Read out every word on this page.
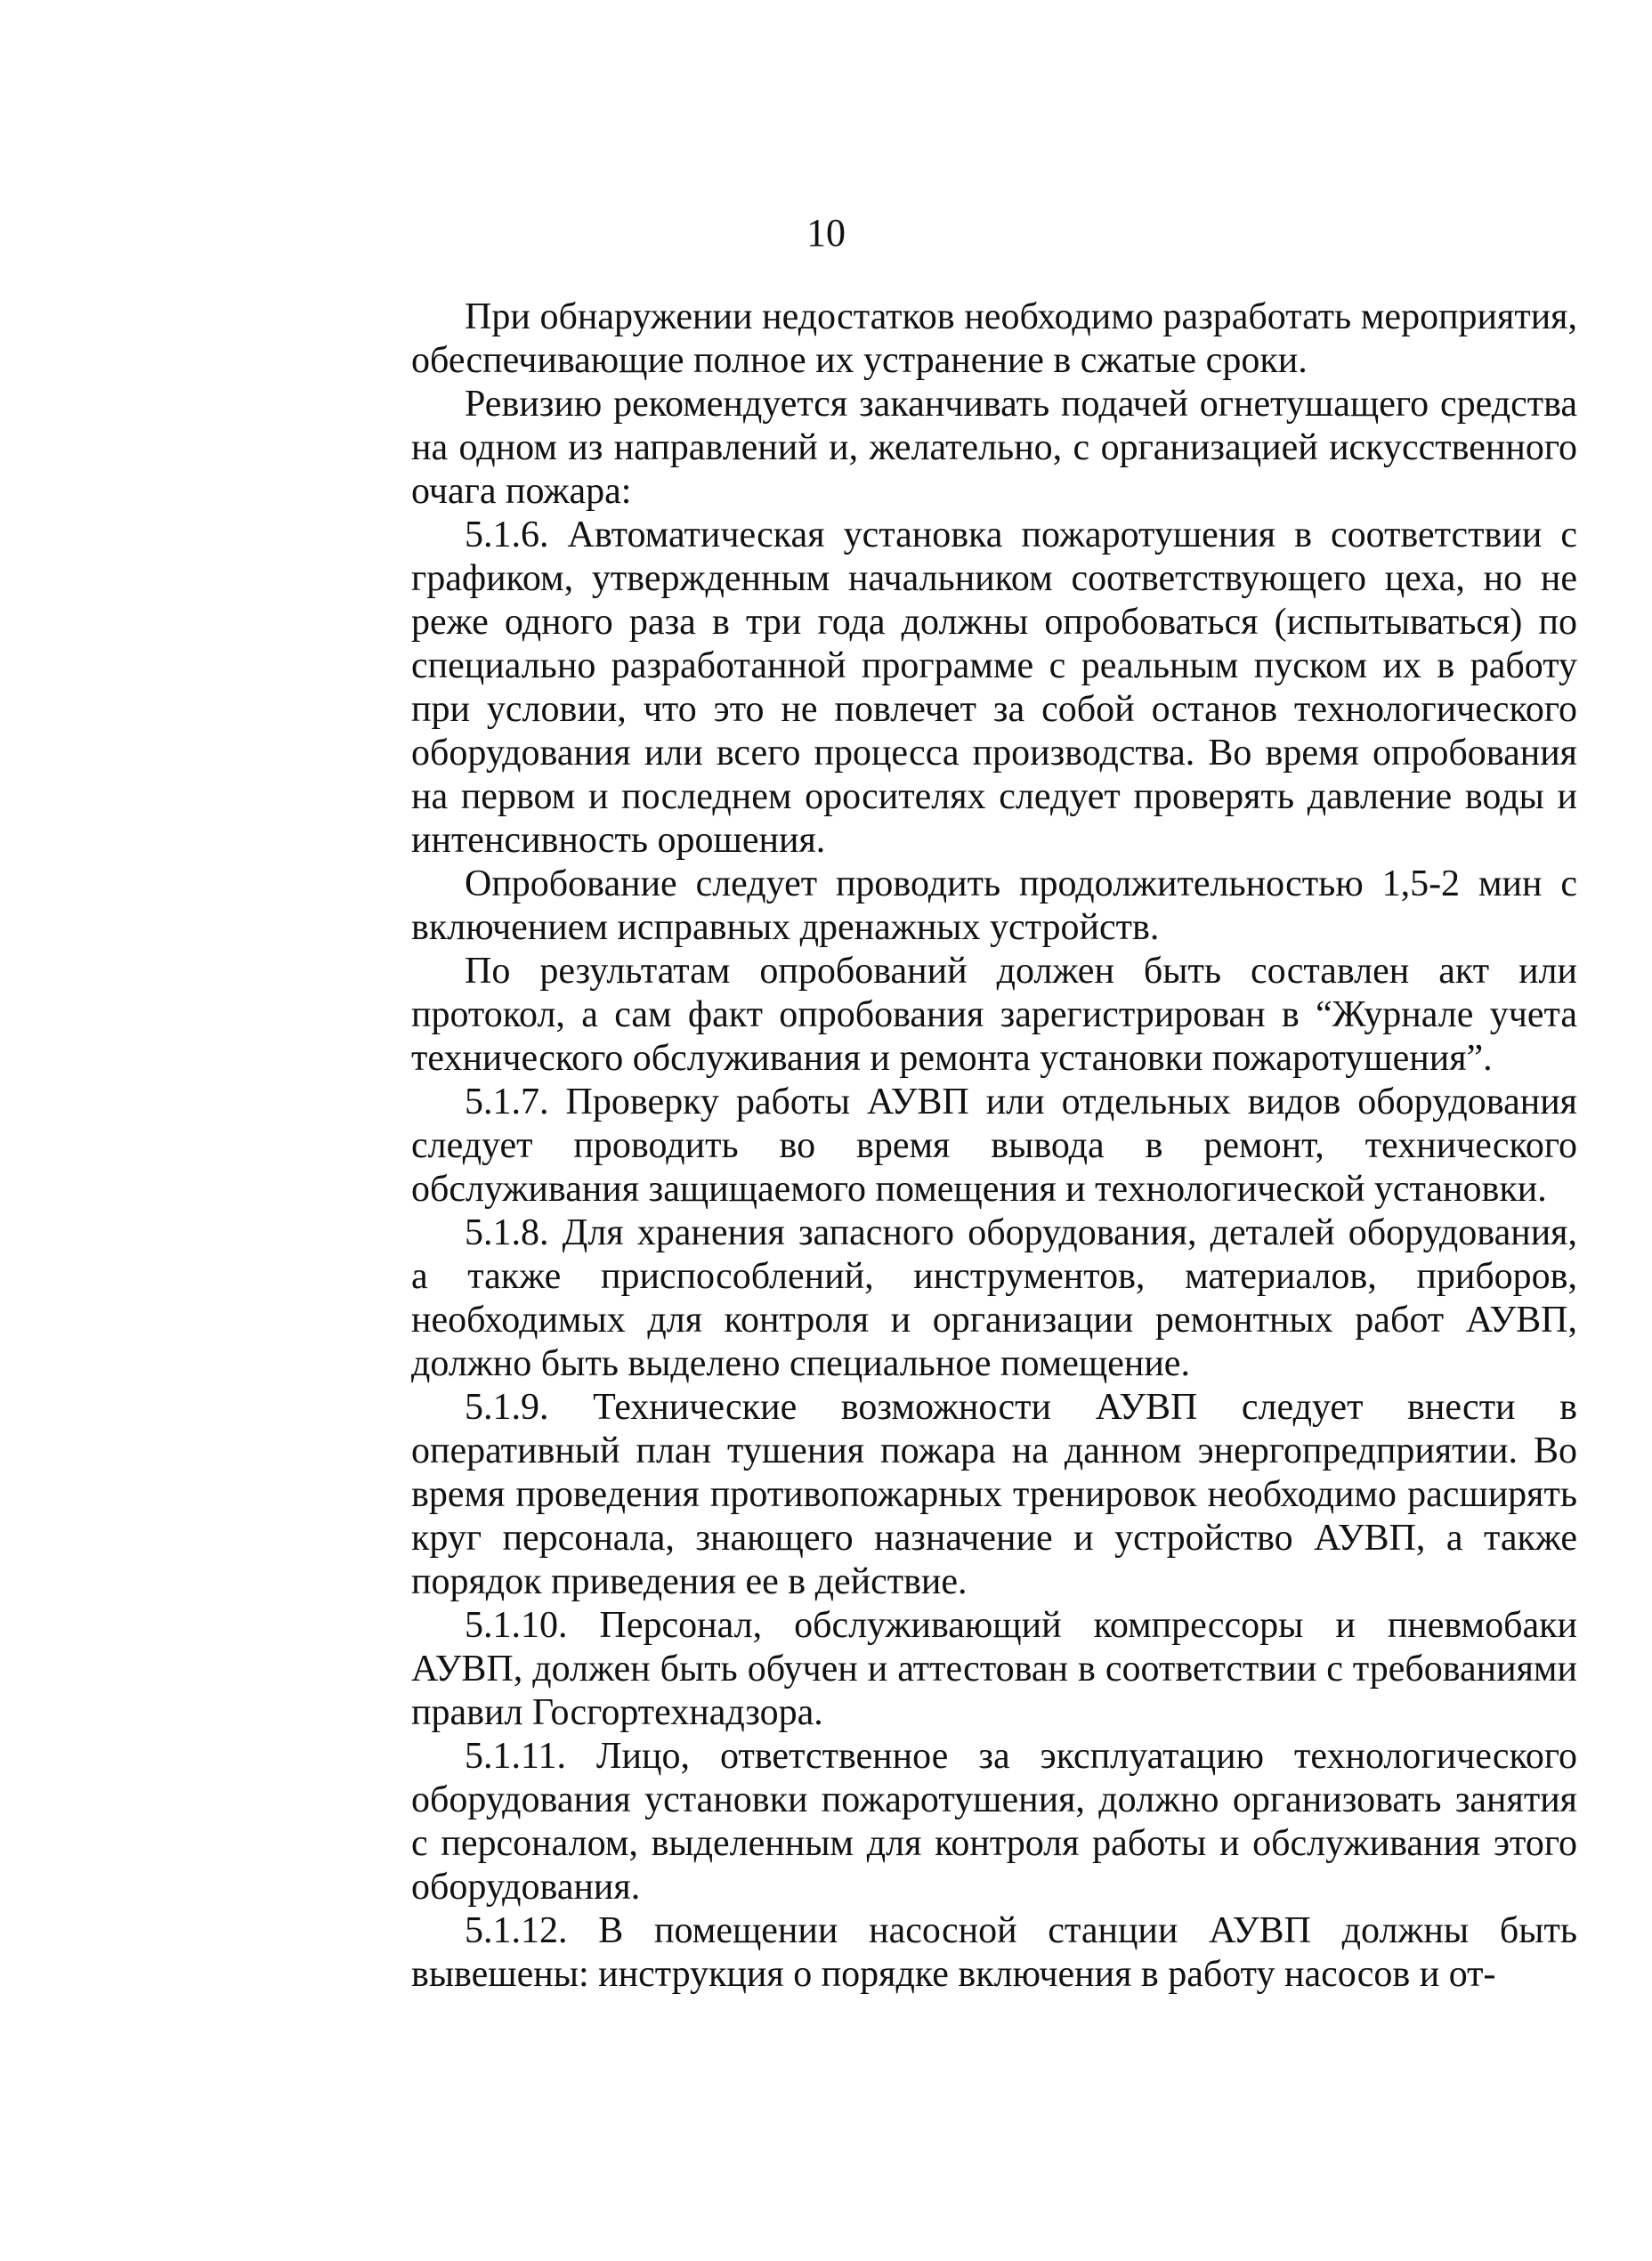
10

При обнаружении недостатков необходимо разработать мероприятия, обеспечивающие полное их устранение в сжатые сроки.

Ревизию рекомендуется заканчивать подачей огнетушащего средства на одном из направлений и, желательно, с организацией искусственного очага пожара:

5.1.6. Автоматическая установка пожаротушения в соответствии с графиком, утвержденным начальником соответствующего цеха, но не реже одного раза в три года должны опробоваться (испытываться) по специально разработанной программе с реальным пуском их в работу при условии, что это не повлечет за собой останов технологического оборудования или всего процесса производства. Во время опробования на первом и последнем оросителях следует проверять давление воды и интенсивность орошения.

Опробование следует проводить продолжительностью 1,5-2 мин с включением исправных дренажных устройств.

По результатам опробований должен быть составлен акт или протокол, а сам факт опробования зарегистрирован в “Журнале учета технического обслуживания и ремонта установки пожаротушения”.

5.1.7. Проверку работы АУВП или отдельных видов оборудования следует проводить во время вывода в ремонт, технического обслуживания защищаемого помещения и технологической установки.

5.1.8. Для хранения запасного оборудования, деталей оборудования, а также приспособлений, инструментов, материалов, приборов, необходимых для контроля и организации ремонтных работ АУВП, должно быть выделено специальное помещение.

5.1.9. Технические возможности АУВП следует внести в оперативный план тушения пожара на данном энергопредприятии. Во время проведения противопожарных тренировок необходимо расширять круг персонала, знающего назначение и устройство АУВП, а также порядок приведения ее в действие.

5.1.10. Персонал, обслуживающий компрессоры и пневмобаки АУВП, должен быть обучен и аттестован в соответствии с требованиями правил Госгортехнадзора.

5.1.11. Лицо, ответственное за эксплуатацию технологического оборудования установки пожаротушения, должно организовать занятия с персоналом, выделенным для контроля работы и обслуживания этого оборудования.

5.1.12. В помещении насосной станции АУВП должны быть вывешены: инструкция о порядке включения в работу насосов и от-
